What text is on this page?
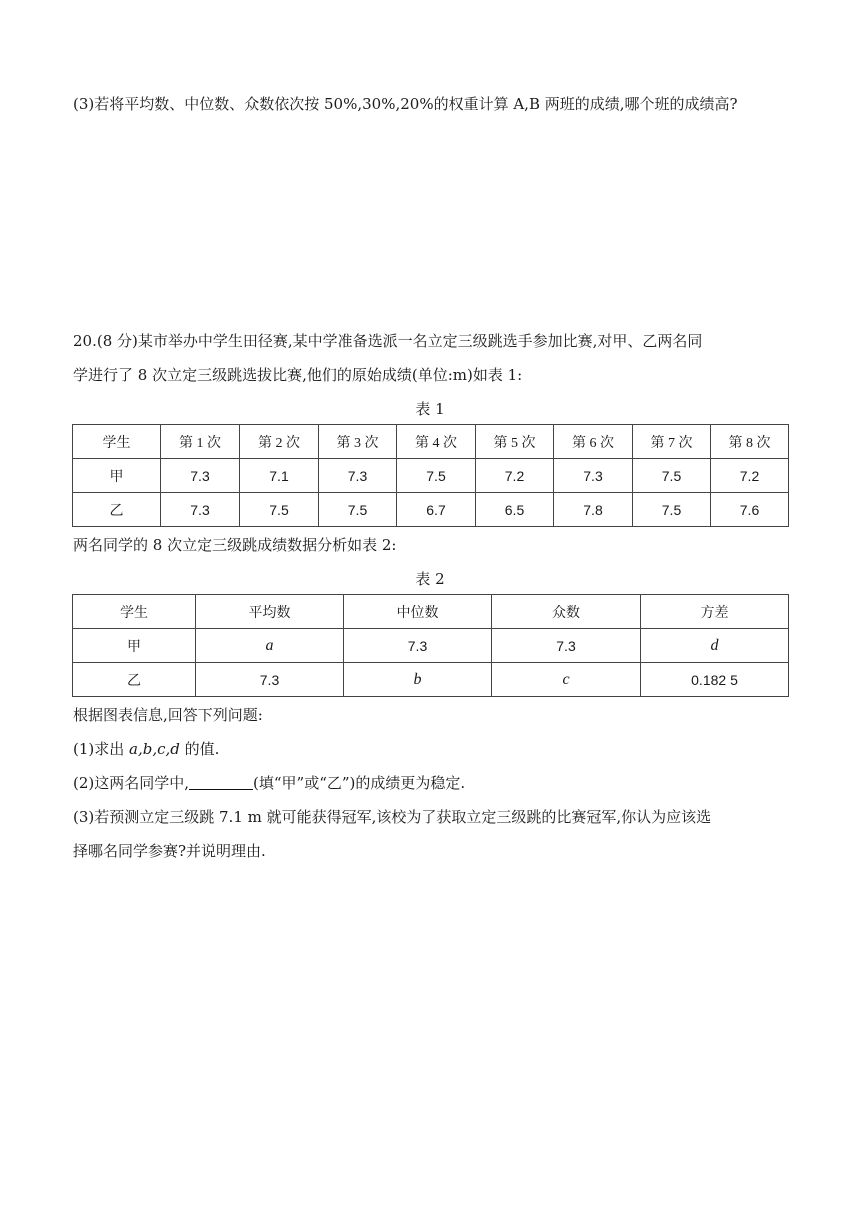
(3)若将平均数、中位数、众数依次按 50%,30%,20%的权重计算 A,B 两班的成绩,哪个班的成绩高?
20.(8 分)某市举办中学生田径赛,某中学准备选派一名立定三级跳选手参加比赛,对甲、乙两名同
学进行了 8 次立定三级跳选拔比赛,他们的原始成绩(单位:m)如表 1:
表 1
学生	第 1 次	第 2 次	第 3 次	第 4 次	第 5 次	第 6 次	第 7 次	第 8 次
甲	7.3	7.1	7.3	7.5	7.2	7.3	7.5	7.2
乙	7.3	7.5	7.5	6.7	6.5	7.8	7.5	7.6
两名同学的 8 次立定三级跳成绩数据分析如表 2:
表 2
学生	平均数	中位数	众数	方差
甲	a	7.3	7.3	d
乙	7.3	b	c	0.182 5
根据图表信息,回答下列问题:
(1)求出 a,b,c,d 的值.
(2)这两名同学中,	(填“甲”或“乙”)的成绩更为稳定.
(3)若预测立定三级跳 7.1 m 就可能获得冠军,该校为了获取立定三级跳的比赛冠军,你认为应该选
择哪名同学参赛?并说明理由.
